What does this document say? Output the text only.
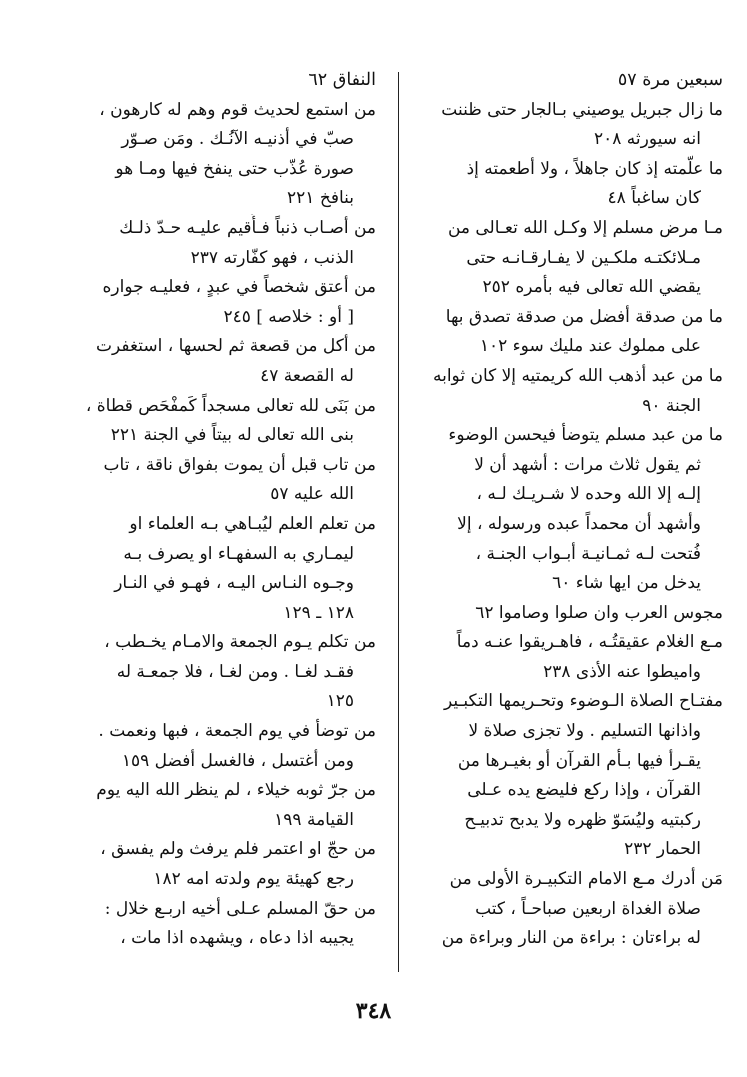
سبعين مرة ٥٧
ما زال جبريل يوصيني بـالجار حتى ظننت
انه سيورثه ٢٠٨
ما علّمته إذ كان جاهلاً ، ولا أطعمته إذ
كان ساغباً ٤٨
مـا مرض مسلم إلا وكـل الله تعـالى من
مـلائكتـه ملكـين لا يفـارقـانـه حتى
يقضي الله تعالى فيه بأمره ٢٥٢
ما من صدقة أفضل من صدقة تصدق بها
على مملوك عند مليك سوء ١٠٢
ما من عبد أذهب الله كريمتيه إلا كان ثوابه
الجنة ٩٠
ما من عبد مسلم يتوضأ فيحسن الوضوء
ثم يقول ثلاث مرات : أشهد أن لا
إلـه إلا الله وحده لا شـريـك لـه ،
وأشهد أن محمداً عبده ورسوله ، إلا
فُتحت لـه ثمـانيـة أبـواب الجنـة ،
يدخل من ايها شاء ٦٠
مجوس العرب وان صلوا وصاموا ٦٢
مـع الغلام عقيقتُـه ، فاهـريقوا عنـه دماً
واميطوا عنه الأذى ٢٣٨
مفتـاح الصلاة الـوضوء وتحـريمها التكبـير
واذانها التسليم . ولا تجزى صلاة لا
يقـرأ فيها بـأم القرآن أو بغيـرها من
القرآن ، وإذا ركع فليضع يده عـلى
ركبتيه وليُسَوّ ظهره ولا يدبح تدبيـح
الحمار ٢٣٢
مَن أدرك مـع الامام التكبيـرة الأولى من
صلاة الغداة اربعين صباحـاً ، كتب
له براءتان : براءة من النار وبراءة من
النفاق ٦٢
من استمع لحديث قوم وهم له كارهون ،
صبّ في أذنيـه الآنُـك . ومَن صـوّر
صورة عُذّب حتى ينفخ فيها ومـا هو
بنافخ ٢٢١
من أصـاب ذنباً فـأُقيم عليـه حـدّ ذلـك
الذنب ، فهو كفّارته ٢٣٧
من أعتق شخصاً في عبدٍ ، فعليـه جواره
[ أو : خلاصه ] ٢٤٥
من أكل من قصعة ثم لحسها ، استغفرت
له القصعة ٤٧
من بَنَى لله تعالى مسجداً كَمفْحَص قطاة ،
بنى الله تعالى له بيتاً في الجنة ٢٢١
من تاب قبل أن يموت بفواق ناقة ، تاب
الله عليه ٥٧
من تعلم العلم ليُبـاهي بـه العلماء او
ليمـاري به السفهـاء او يصرف بـه
وجـوه النـاس اليـه ، فهـو في النـار
١٢٨ ـ ١٢٩
من تكلم يـوم الجمعة والامـام يخـطب ،
فقـد لغـا . ومن لغـا ، فلا جمعـة له
١٢٥
من توضأ في يوم الجمعة ، فبها ونعمت .
ومن أغتسل ، فالغسل أفضل ١٥٩
من جرّ ثوبه خيلاء ، لم ينظر الله اليه يوم
القيامة ١٩٩
من حجّ او اعتمر فلم يرفث ولم يفسق ،
رجع كهيئة يوم ولدته امه ١٨٢
من حقّ المسلم عـلى أخيه اربـع خلال :
يجيبه اذا دعاه ، ويشهده اذا مات ،
٣٤٨
